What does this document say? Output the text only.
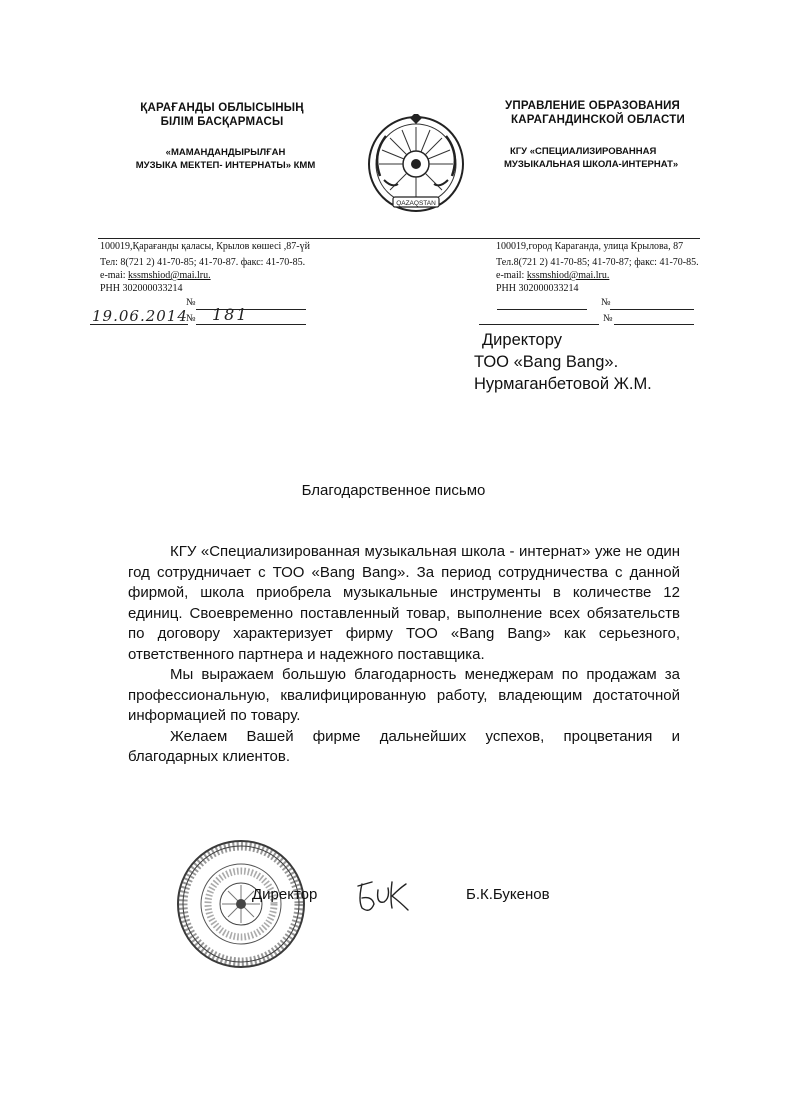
ҚАРАҒАНДЫ ОБЛЫСЫНЫҢ
БІЛІМ БАСҚАРМАСЫ
«МАМАНДАНДЫРЫЛҒАН
МУЗЫКА МЕКТЕП- ИНТЕРНАТЫ» КММ
УПРАВЛЕНИЕ ОБРАЗОВАНИЯ
КАРАГАНДИНСКОЙ ОБЛАСТИ
КГУ «СПЕЦИАЛИЗИРОВАННАЯ
МУЗЫКАЛЬНАЯ ШКОЛА-ИНТЕРНАТ»
QAZAQSTAN
100019,Қарағанды қаласы, Крылов көшесі ,87-үй
Тел: 8(721 2) 41-70-85; 41-70-87. факс: 41-70-85.
e-mai: kssmshiod@mai.lru.
РНН 302000033214
№
19.06.2014
№ 181
100019,город Караганда, улица Крылова, 87
Тел.8(721 2) 41-70-85; 41-70-87; факс: 41-70-85.
e-mail: kssmshiod@mai.lru.
РНН 302000033214
№
№
Директору
ТОО «Bang Bang».
Нурмаганбетовой Ж.М.
Благодарственное письмо

КГУ «Специализированная музыкальная школа - интернат» уже не один год сотрудничает с ТОО «Bang Bang». За период сотрудничества с данной фирмой, школа приобрела музыкальные инструменты в количестве 12 единиц. Своевременно поставленный товар, выполнение всех обязательств по договору характеризует фирму ТОО «Bang Bang» как серьезного, ответственного партнера и надежного поставщика.

Мы выражаем большую благодарность менеджерам по продажам за профессиональную, квалифицированную работу, владеющим достаточной информацией по товару.

Желаем Вашей фирме дальнейших успехов, процветания и благодарных клиентов.

Директор	Б.К.Букенов
